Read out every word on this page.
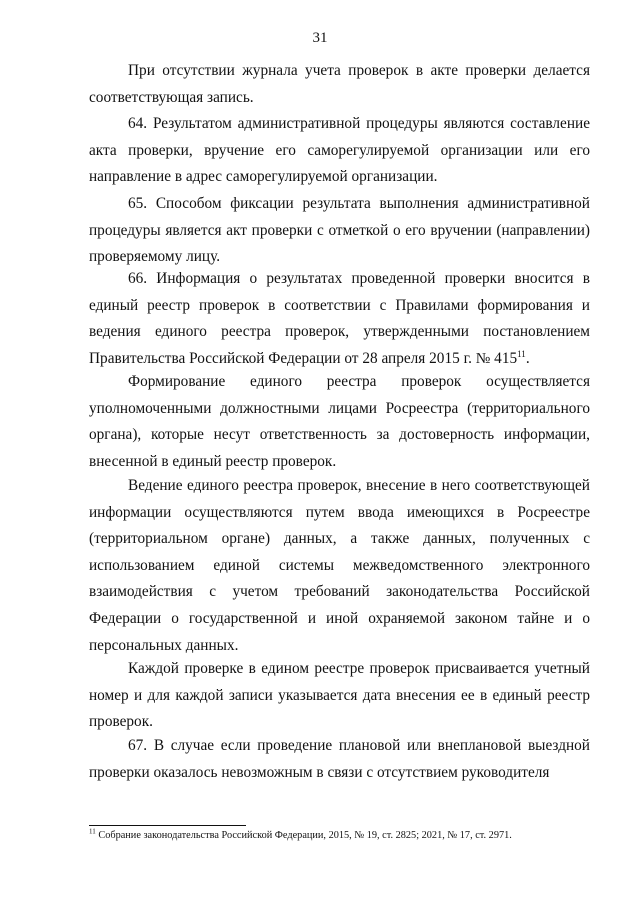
31

При отсутствии журнала учета проверок в акте проверки делается соответствующая запись.

64. Результатом административной процедуры являются составление акта проверки, вручение его саморегулируемой организации или его направление в адрес саморегулируемой организации.

65. Способом фиксации результата выполнения административной процедуры является акт проверки с отметкой о его вручении (направлении) проверяемому лицу.

66. Информация о результатах проведенной проверки вносится в единый реестр проверок в соответствии с Правилами формирования и ведения единого реестра проверок, утвержденными постановлением Правительства Российской Федерации от 28 апреля 2015 г. № $415^{11}$.

Формирование единого реестра проверок осуществляется уполномоченными должностными лицами Росреестра (территориального органа), которые несут ответственность за достоверность информации, внесенной в единый реестр проверок.

Ведение единого реестра проверок, внесение в него соответствующей информации осуществляются путем ввода имеющихся в Росреестре (территориальном органе) данных, а также данных, полученных с использованием единой системы межведомственного электронного взаимодействия с учетом требований законодательства Российской Федерации о государственной и иной охраняемой законом тайне и о персональных данных.

Каждой проверке в едином реестре проверок присваивается учетный номер и для каждой записи указывается дата внесения ее в единый реестр проверок.

67. В случае если проведение плановой или внеплановой выездной проверки оказалось невозможным в связи с отсутствием руководителя

$^{11}$ Собрание законодательства Российской Федерации, 2015, № 19, ст. 2825; 2021, № 17, ст. 2971.
